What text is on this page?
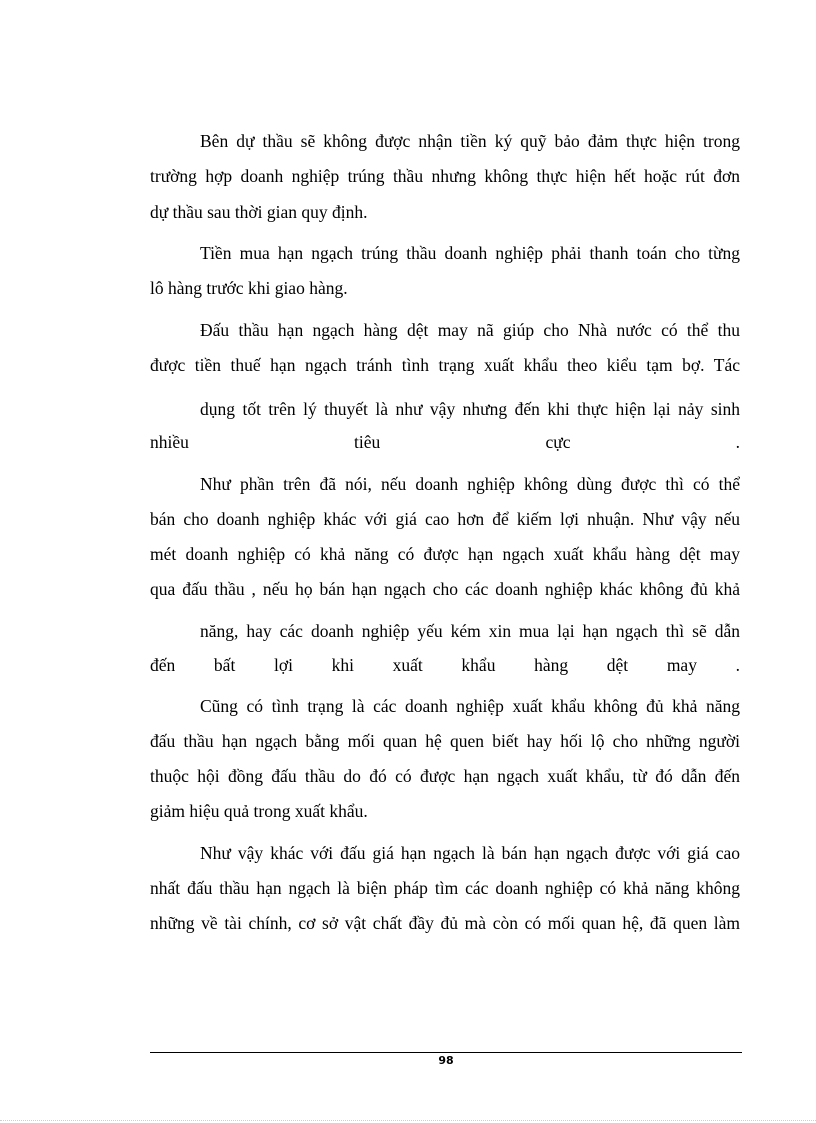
Bên dự thầu sẽ không được nhận tiền ký quỹ bảo đảm thực hiện trong
trường hợp doanh nghiệp trúng thầu nhưng không thực hiện hết hoặc rút đơn
dự thầu sau thời gian quy định.
Tiền mua hạn ngạch trúng thầu doanh nghiệp phải thanh toán cho từng
lô hàng trước khi giao hàng.
Đấu thầu hạn ngạch hàng dệt may nã giúp cho Nhà nước có thể thu
được tiền thuế hạn ngạch tránh tình trạng xuất khẩu theo kiểu tạm bợ. Tác
dụng tốt trên lý thuyết là như vậy nhưng đến khi thực hiện lại nảy sinh
nhiều tiêu cực .
Như phần trên đã nói, nếu doanh nghiệp không dùng được thì có thể
bán cho doanh nghiệp khác với giá cao hơn để kiếm lợi nhuận. Như vậy nếu
mét doanh nghiệp có khả năng có được hạn ngạch xuất khẩu hàng dệt may
qua đấu thầu , nếu họ bán hạn ngạch cho các doanh nghiệp khác không đủ khả
năng, hay các doanh nghiệp yếu kém xin mua lại hạn ngạch thì sẽ dẫn
đến bất lợi khi xuất khẩu hàng dệt may .
Cũng có tình trạng là các doanh nghiệp xuất khẩu không đủ khả năng
đấu thầu hạn ngạch bằng mối quan hệ quen biết hay hối lộ cho những người
thuộc hội đồng đấu thầu do đó có được hạn ngạch xuất khẩu, từ đó dẫn đến
giảm hiệu quả trong xuất khẩu.
Như vậy khác với đấu giá hạn ngạch là bán hạn ngạch được với giá cao
nhất đấu thầu hạn ngạch là biện pháp tìm các doanh nghiệp có khả năng không
những về tài chính, cơ sở vật chất đầy đủ mà còn có mối quan hệ, đã quen làm
98
